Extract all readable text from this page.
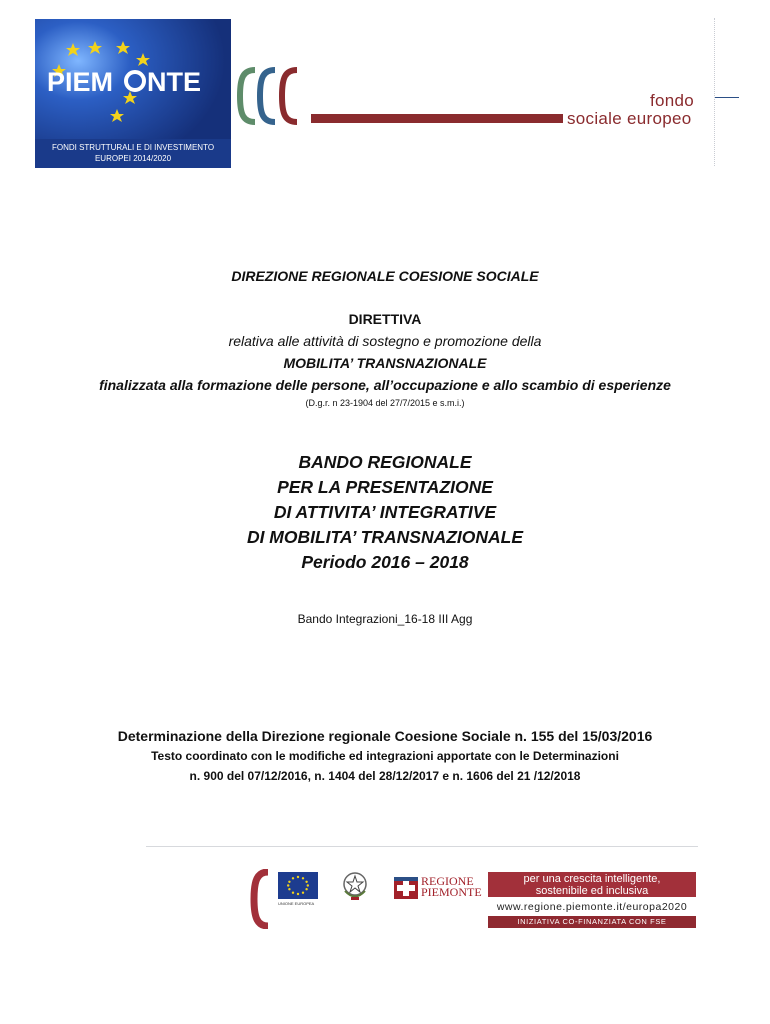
PIEM NTE
FONDI STRUTTURALI E DI INVESTIMENTO
EUROPEI 2014/2020
fondo
sociale europeo
DIREZIONE REGIONALE COESIONE SOCIALE
DIRETTIVA
relativa alle attività di sostegno e promozione della
MOBILITA’ TRANSNAZIONALE
finalizzata alla formazione delle persone, all’occupazione e allo scambio di esperienze
(D.g.r. n 23-1904 del 27/7/2015 e s.m.i.)
BANDO REGIONALE
PER LA PRESENTAZIONE
DI ATTIVITA’ INTEGRATIVE
DI MOBILITA’ TRANSNAZIONALE
Periodo 2016 – 2018
Bando Integrazioni_16-18 III Agg
Determinazione della Direzione regionale Coesione Sociale n. 155 del 15/03/2016
Testo coordinato con le modifiche ed integrazioni apportate con le Determinazioni
n. 900 del 07/12/2016, n. 1404 del 28/12/2017 e n. 1606 del 21 /12/2018
UNIONE EUROPEA
REGIONE
PIEMONTE
per una crescita intelligente,
sostenibile ed inclusiva
www.regione.piemonte.it/europa2020
INIZIATIVA CO-FINANZIATA CON FSE
